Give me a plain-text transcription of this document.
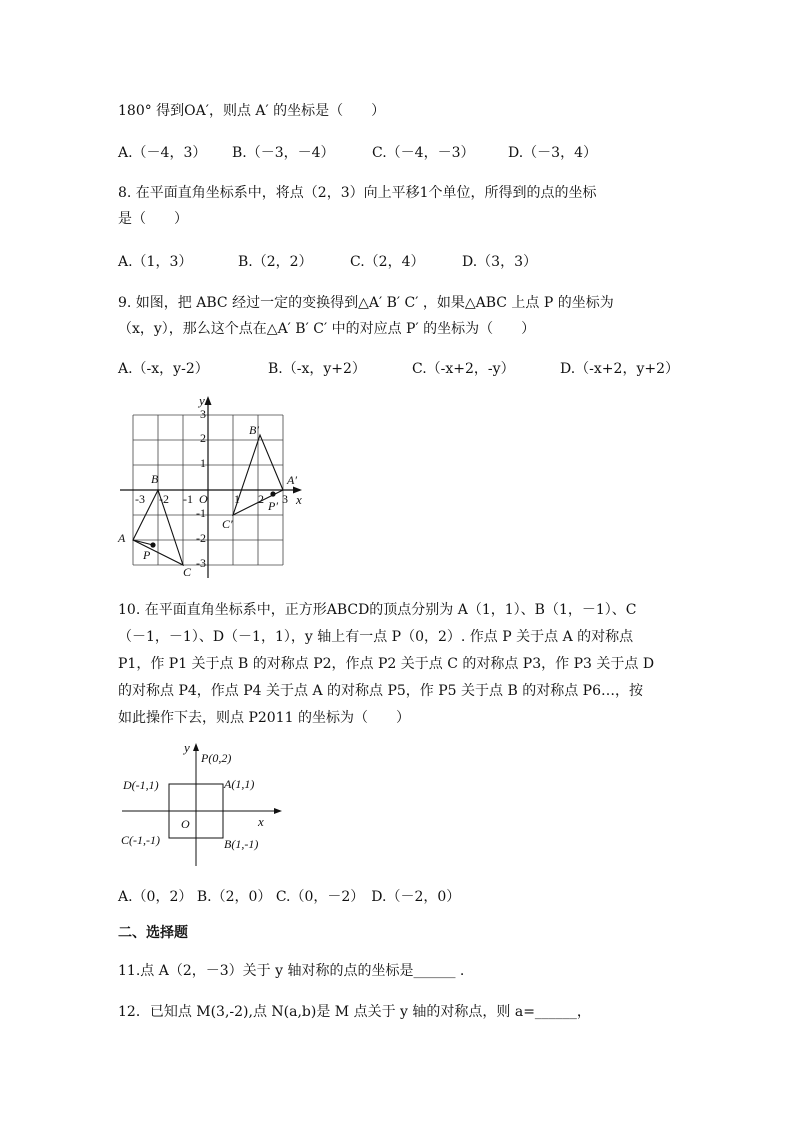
180° 得到OA′，则点 A′ 的坐标是（　　）
A.（－4，3） B.（－3，－4）	C.（－4，－3） D.（－3，4）
8. 在平面直角坐标系中，将点（2，3）向上平移1个单位，所得到的点的坐标
是（　　）
A.（1，3）	B.（2，2）	C.（2，4）	D.（3，3）
9. 如图，把 ABC 经过一定的变换得到△A′ B′ C′ ，如果△ABC 上点 P 的坐标为
（x，y），那么这个点在△A′ B′ C′ 中的对应点 P′ 的坐标为（　　）
A.（-x，y-2）	B.（-x，y+2）	C.（-x+2，-y）	D.（-x+2，y+2）
x
y
O
-3 -2 -1	1 2 3
3
2
1
-1
-2
-3
A
B
C
P
A′
B′
C′
P′
10. 在平面直角坐标系中，正方形ABCD的顶点分别为 A（1，1）、B（1，－1）、C
（－1，－1）、D（－1，1），y 轴上有一点 P（0，2）. 作点 P 关于点 A 的对称点
P1，作 P1 关于点 B 的对称点 P2，作点 P2 关于点 C 的对称点 P3，作 P3 关于点 D
的对称点 P4，作点 P4 关于点 A 的对称点 P5，作 P5 关于点 B 的对称点 P6…，按
如此操作下去，则点 P2011 的坐标为（　　）
y
x
O
P(0,2)
A(1,1)
B(1,-1)
C(-1,-1)
D(-1,1)
A.（0，2） B.（2，0） C.（0，－2）　D.（－2，0）
二、选择题
11.点 A（2，－3）关于 y 轴对称的点的坐标是______ .
12．已知点 M(3,-2),点 N(a,b)是 M 点关于 y 轴的对称点，则 a=______，
